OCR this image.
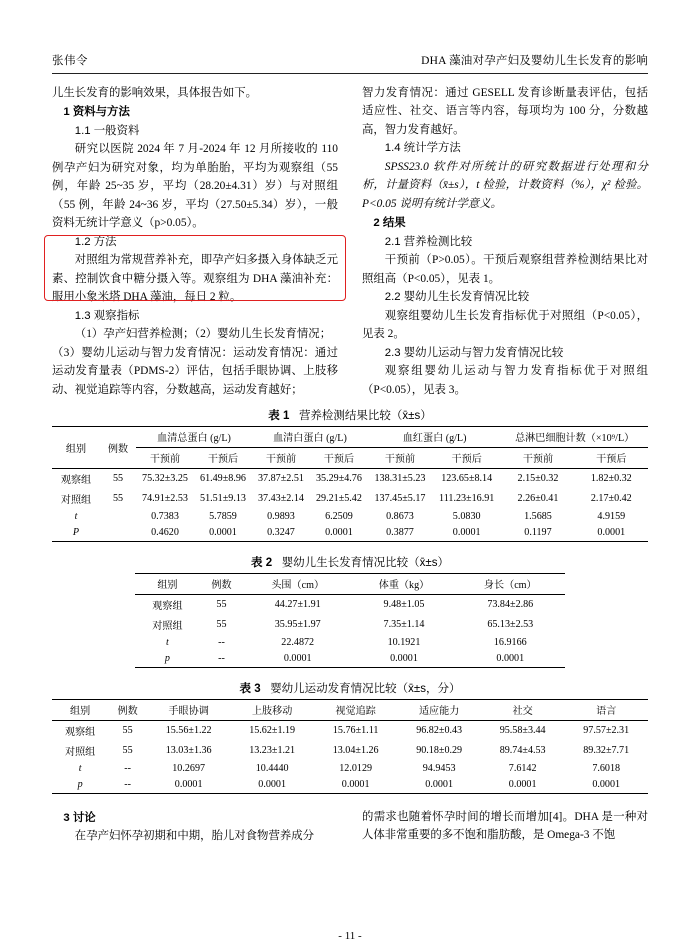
张伟令	DHA 藻油对孕产妇及婴幼儿生长发育的影响

儿生长发育的影响效果，具体报告如下。

1 资料与方法

1.1 一般资料

研究以医院 2024 年 7 月-2024 年 12 月所接收的 110 例孕产妇为研究对象，均为单胎胎，平均为观察组（55 例，年龄 25~35 岁，平均（28.20±4.31）岁）与对照组（55 例，年龄 24~36 岁，平均（27.50±5.34）岁），一般资料无统计学意义（p>0.05）。

1.2 方法

对照组为常规营养补充，即孕产妇多摄入身体缺乏元素、控制饮食中糖分摄入等。观察组为 DHA 藻油补充：服用小象米塔 DHA 藻油，每日 2 粒。

1.3 观察指标

（1）孕产妇营养检测；（2）婴幼儿生长发育情况；

（3）婴幼儿运动与智力发育情况：运动发育情况：通过运动发育量表（PDMS-2）评估，包括手眼协调、上肢移动、视觉追踪等内容，分数越高，运动发育越好；

智力发育情况：通过 GESELL 发育诊断量表评估，包括适应性、社交、语言等内容，每项均为 100 分，分数越高，智力发育越好。

1.4 统计学方法

SPSS23.0 软件对所统计的研究数据进行处理和分析，计量资料（x̄±s），t 检验，计数资料（%），χ² 检验。P<0.05 说明有统计学意义。

2 结果

2.1 营养检测比较

干预前（P>0.05）。干预后观察组营养检测结果比对照组高（P<0.05），见表 1。

2.2 婴幼儿生长发育情况比较

观察组婴幼儿生长发育指标优于对照组（P<0.05），见表 2。

2.3 婴幼儿运动与智力发育情况比较

观察组婴幼儿运动与智力发育指标优于对照组（P<0.05），见表 3。

表 1 营养检测结果比较（x̄±s）
组别	例数	血清总蛋白 (g/L)		血清白蛋白 (g/L)		血红蛋白 (g/L)		总淋巴细胞计数（×10⁹/L）	
		干预前	干预后	干预前	干预后	干预前	干预后	干预前	干预后
观察组	55	75.32±3.25	61.49±8.96	37.87±2.51	35.29±4.76	138.31±5.23	123.65±8.14	2.15±0.32	1.82±0.32
对照组	55	74.91±2.53	51.51±9.13	37.43±2.14	29.21±5.42	137.45±5.17	111.23±16.91	2.26±0.41	2.17±0.42
t		0.7383	5.7859	0.9893	6.2509	0.8673	5.0830	1.5685	4.9159
P		0.4620	0.0001	0.3247	0.0001	0.3877	0.0001	0.1197	0.0001
表 2 婴幼儿生长发育情况比较（x̄±s）
组别	例数	头围（cm）	体重（kg）	身长（cm）
观察组	55	44.27±1.91	9.48±1.05	73.84±2.86
对照组	55	35.95±1.97	7.35±1.14	65.13±2.53
t	--	22.4872	10.1921	16.9166
p	--	0.0001	0.0001	0.0001
表 3 婴幼儿运动发育情况比较（x̄±s，分）
组别	例数	手眼协调	上肢移动	视觉追踪	适应能力	社交	语言
观察组	55	15.56±1.22	15.62±1.19	15.76±1.11	96.82±0.43	95.58±3.44	97.57±2.31
对照组	55	13.03±1.36	13.23±1.21	13.04±1.26	90.18±0.29	89.74±4.53	89.32±7.71
t	--	10.2697	10.4440	12.0129	94.9453	7.6142	7.6018
p	--	0.0001	0.0001	0.0001	0.0001	0.0001	0.0001

3 讨论

在孕产妇怀孕初期和中期，胎儿对食物营养成分

的需求也随着怀孕时间的增长而增加[4]。DHA 是一种对人体非常重要的多不饱和脂肪酸，是 Omega-3 不饱

- 11 -
